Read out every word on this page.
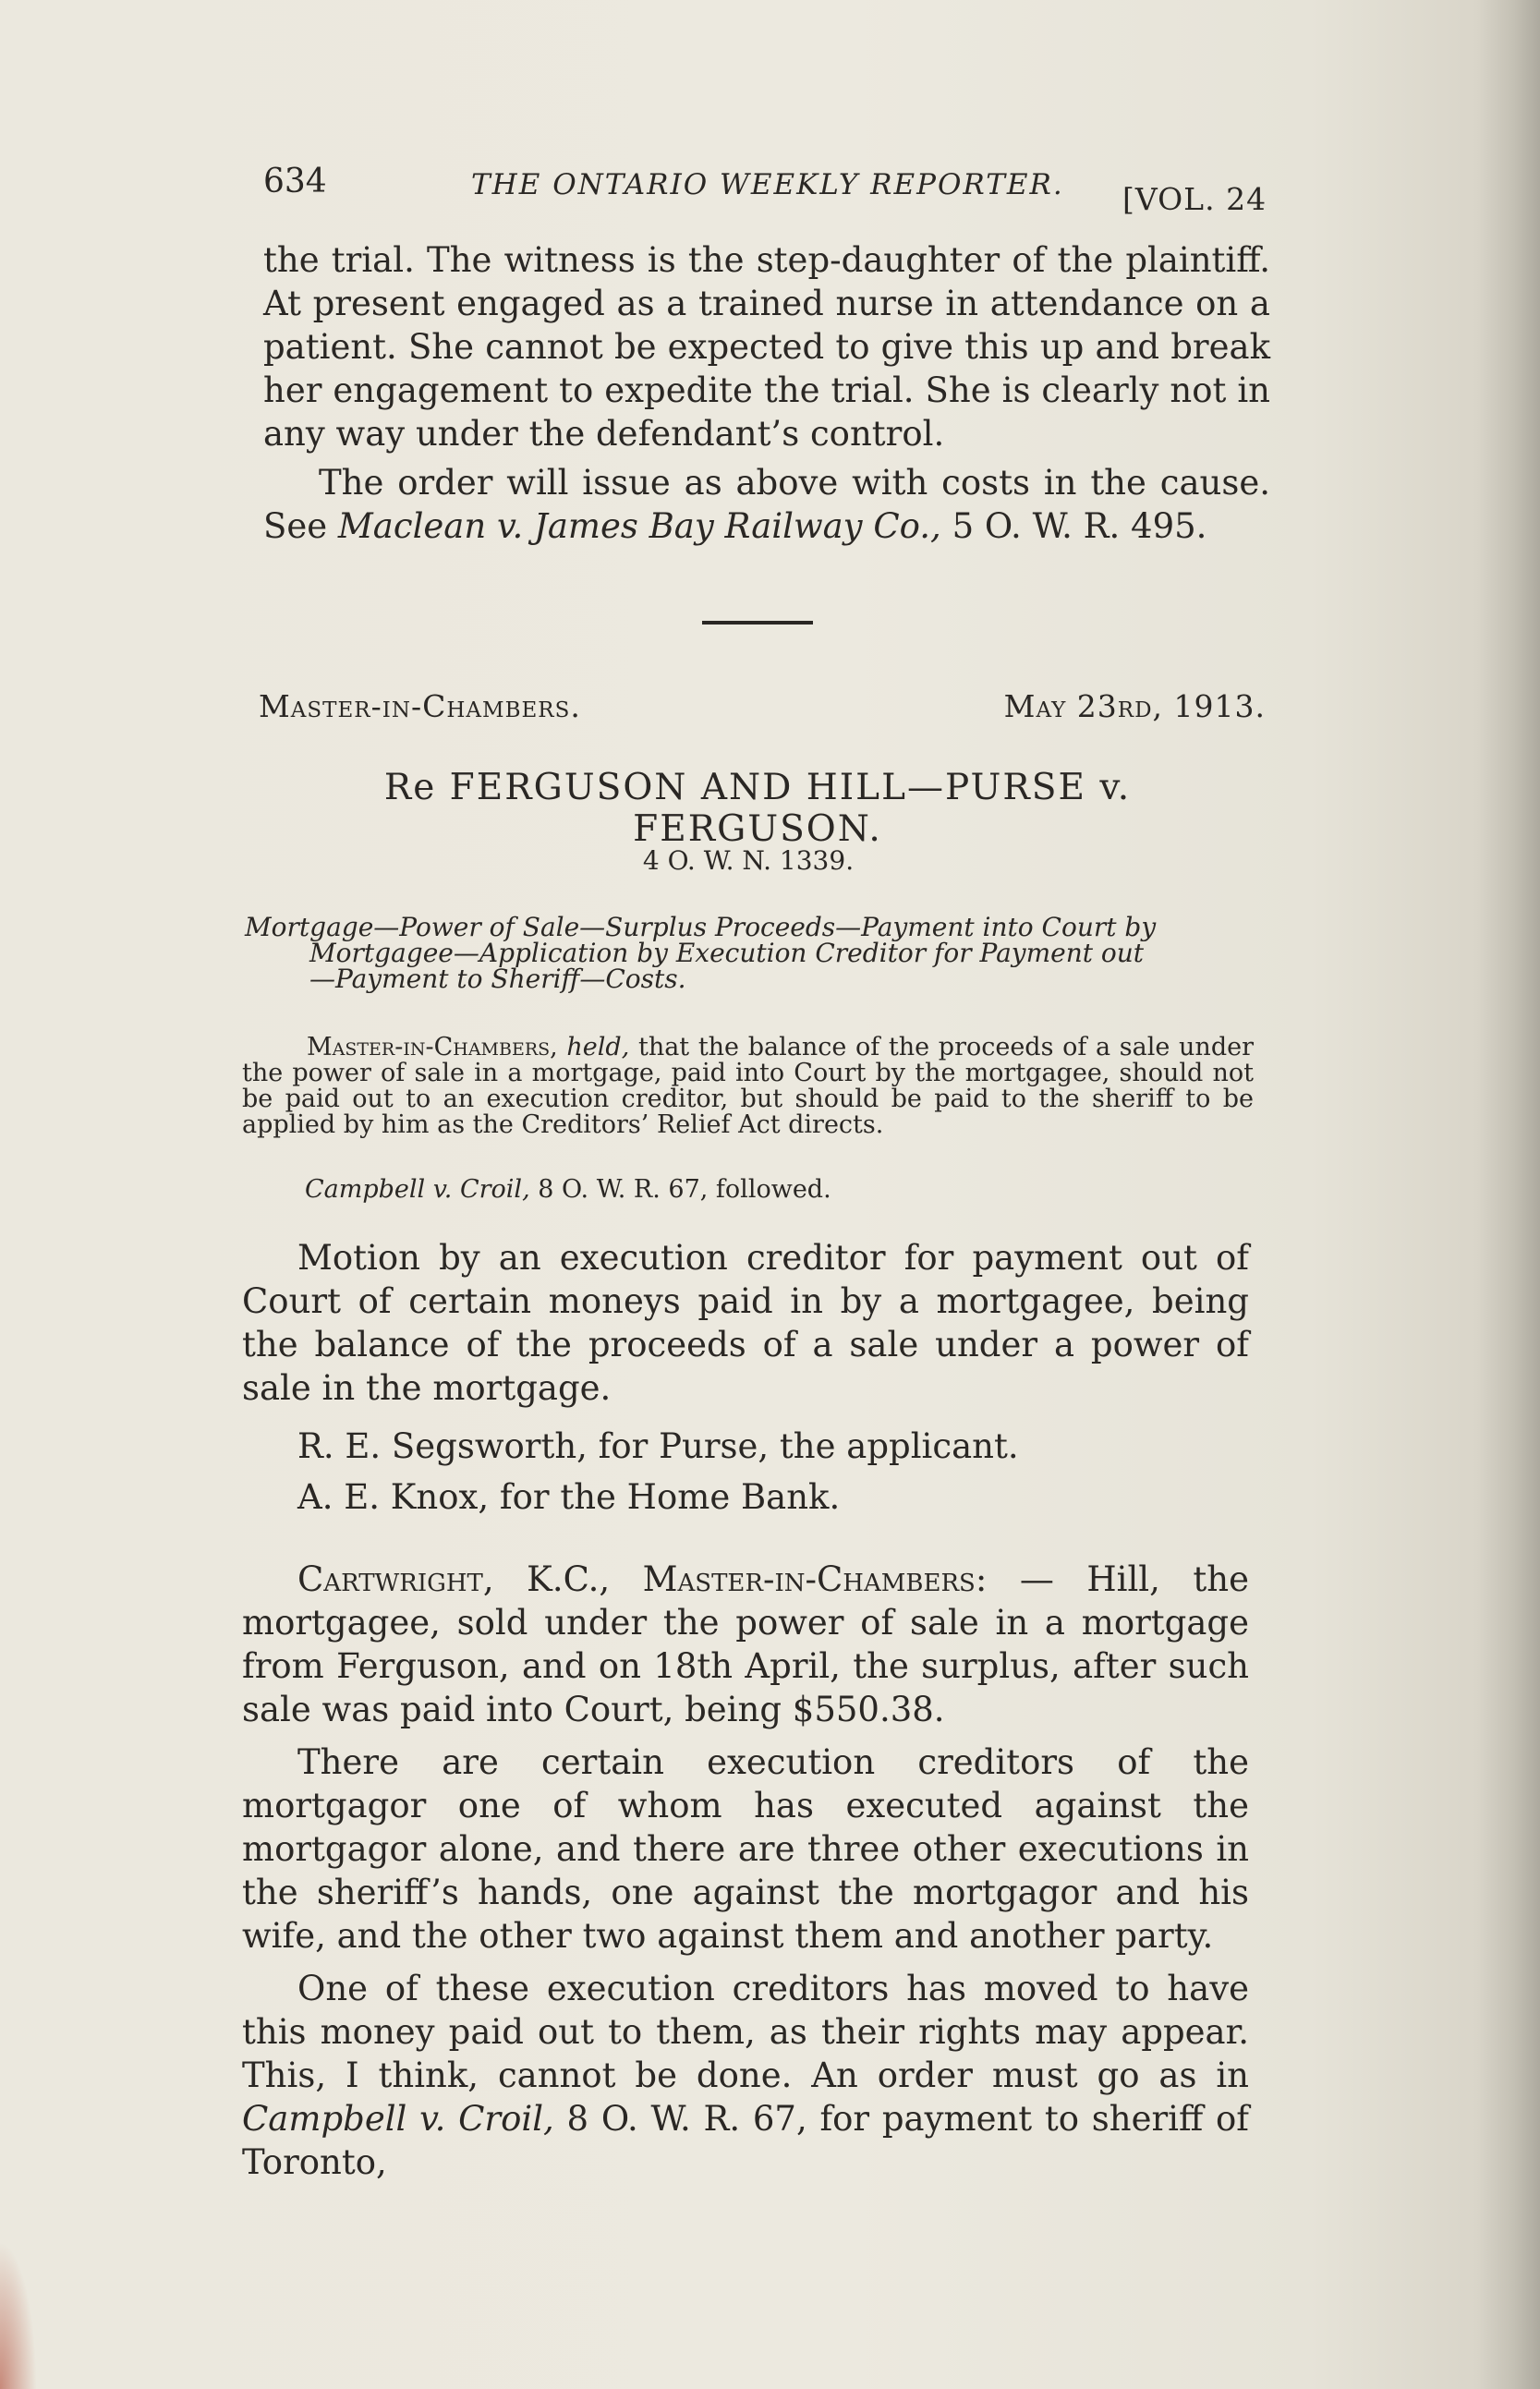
634	THE ONTARIO WEEKLY REPORTER. [VOL. 24

the trial. The witness is the step-daughter of the plaintiff. At present engaged as a trained nurse in attendance on a patient. She cannot be expected to give this up and break her engagement to expedite the trial. She is clearly not in any way under the defendant’s control.

The order will issue as above with costs in the cause. See Maclean v. James Bay Railway Co., 5 O. W. R. 495.

Master-in-Chambers.	May 23rd, 1913.
Re FERGUSON AND HILL—PURSE v. FERGUSON.
4 O. W. N. 1339.
Mortgage—Power of Sale—Surplus Proceeds—Payment into Court by
Mortgagee—Application by Execution Creditor for Payment out
—Payment to Sheriff—Costs.
Master-in-Chambers, held, that the balance of the proceeds of a sale under the power of sale in a mortgage, paid into Court by the mortgagee, should not be paid out to an execution creditor, but should be paid to the sheriff to be applied by him as the Creditors’ Relief Act directs.
Campbell v. Croil, 8 O. W. R. 67, followed.

Motion by an execution creditor for payment out of Court of certain moneys paid in by a mortgagee, being the balance of the proceeds of a sale under a power of sale in the mortgage.

R. E. Segsworth, for Purse, the applicant.

A. E. Knox, for the Home Bank.

Cartwright, K.C., Master-in-Chambers: — Hill, the mortgagee, sold under the power of sale in a mortgage from Ferguson, and on 18th April, the surplus, after such sale was paid into Court, being $550.38.

There are certain execution creditors of the mortgagor one of whom has executed against the mortgagor alone, and there are three other executions in the sheriff’s hands, one against the mortgagor and his wife, and the other two against them and another party.

One of these execution creditors has moved to have this money paid out to them, as their rights may appear. This, I think, cannot be done. An order must go as in Campbell v. Croil, 8 O. W. R. 67, for payment to sheriff of Toronto,
